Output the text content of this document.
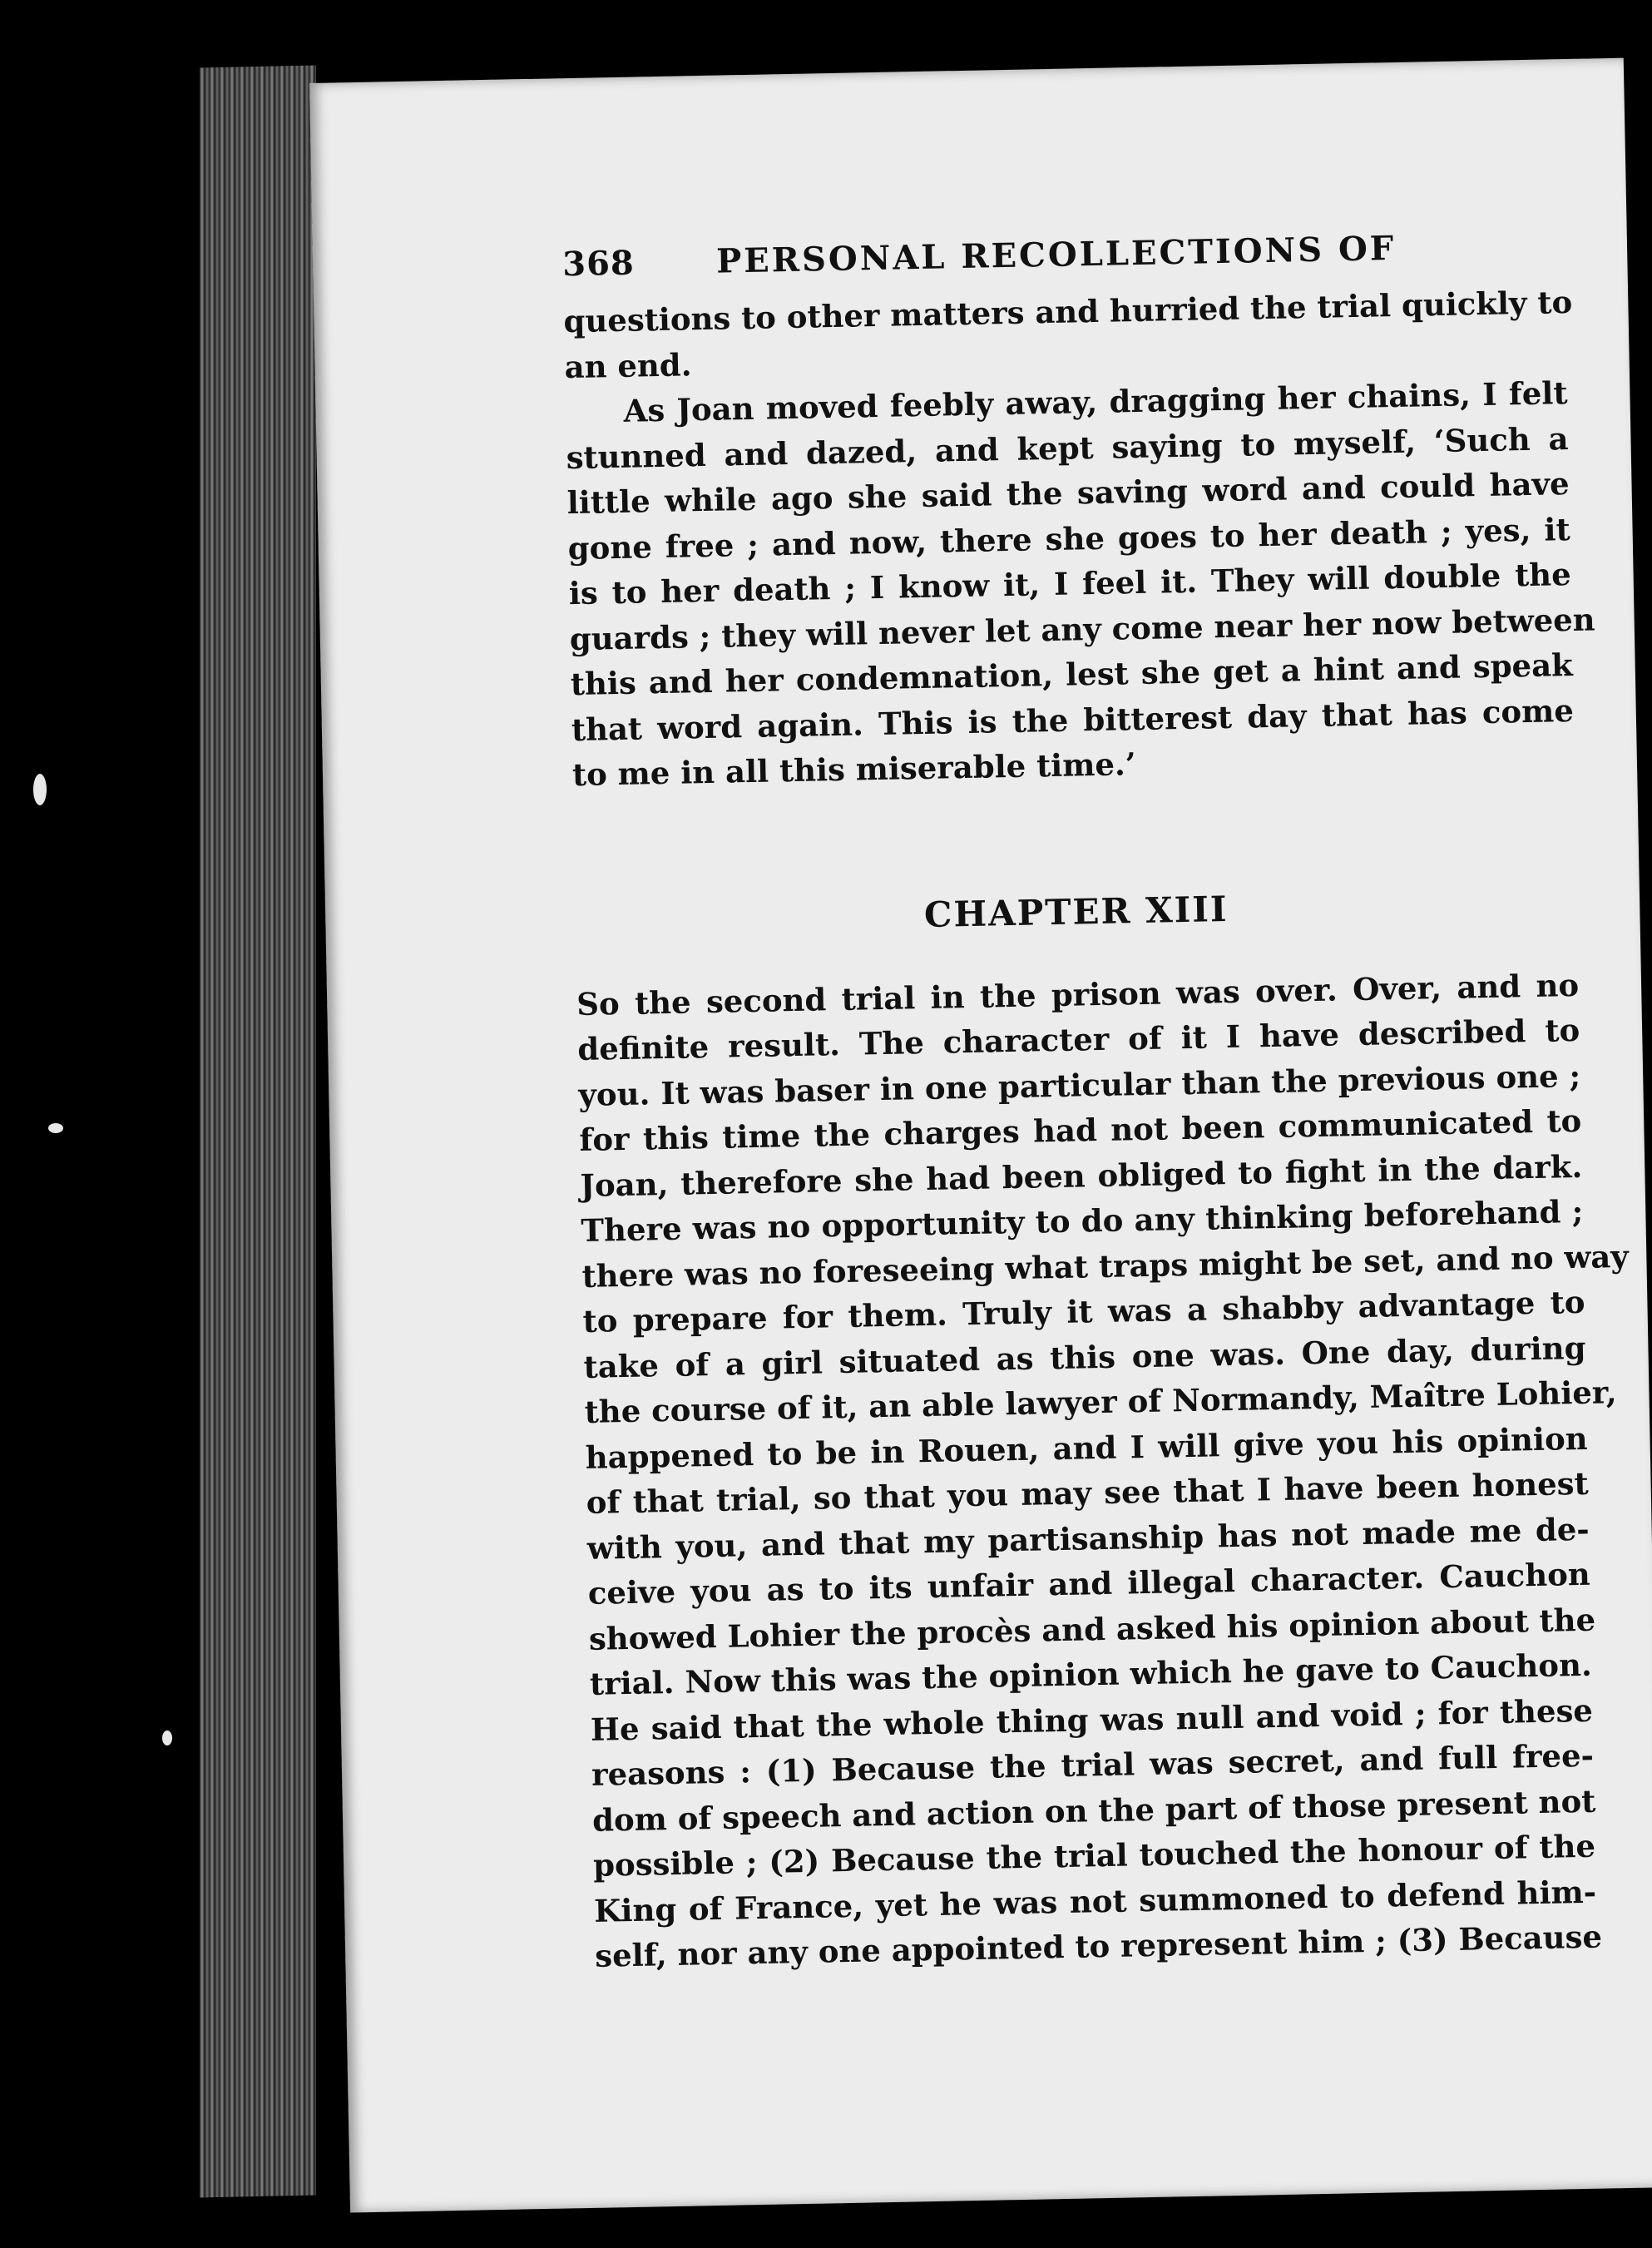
368	PERSONAL RECOLLECTIONS OF
questions to other matters and hurried the trial quickly to
an end.
As Joan moved feebly away, dragging her chains, I felt
stunned and dazed, and kept saying to myself, ‘Such a
little while ago she said the saving word and could have
gone free ; and now, there she goes to her death ; yes, it
is to her death ; I know it, I feel it. They will double the
guards ; they will never let any come near her now between
this and her condemnation, lest she get a hint and speak
that word again. This is the bitterest day that has come
to me in all this miserable time.’
CHAPTER XIII
So the second trial in the prison was over. Over, and no
definite result. The character of it I have described to
you. It was baser in one particular than the previous one ;
for this time the charges had not been communicated to
Joan, therefore she had been obliged to fight in the dark.
There was no opportunity to do any thinking beforehand ;
there was no foreseeing what traps might be set, and no way
to prepare for them. Truly it was a shabby advantage to
take of a girl situated as this one was. One day, during
the course of it, an able lawyer of Normandy, Maître Lohier,
happened to be in Rouen, and I will give you his opinion
of that trial, so that you may see that I have been honest
with you, and that my partisanship has not made me de-
ceive you as to its unfair and illegal character. Cauchon
showed Lohier the procès and asked his opinion about the
trial. Now this was the opinion which he gave to Cauchon.
He said that the whole thing was null and void ; for these
reasons : (1) Because the trial was secret, and full free-
dom of speech and action on the part of those present not
possible ; (2) Because the trial touched the honour of the
King of France, yet he was not summoned to defend him-
self, nor any one appointed to represent him ; (3) Because
